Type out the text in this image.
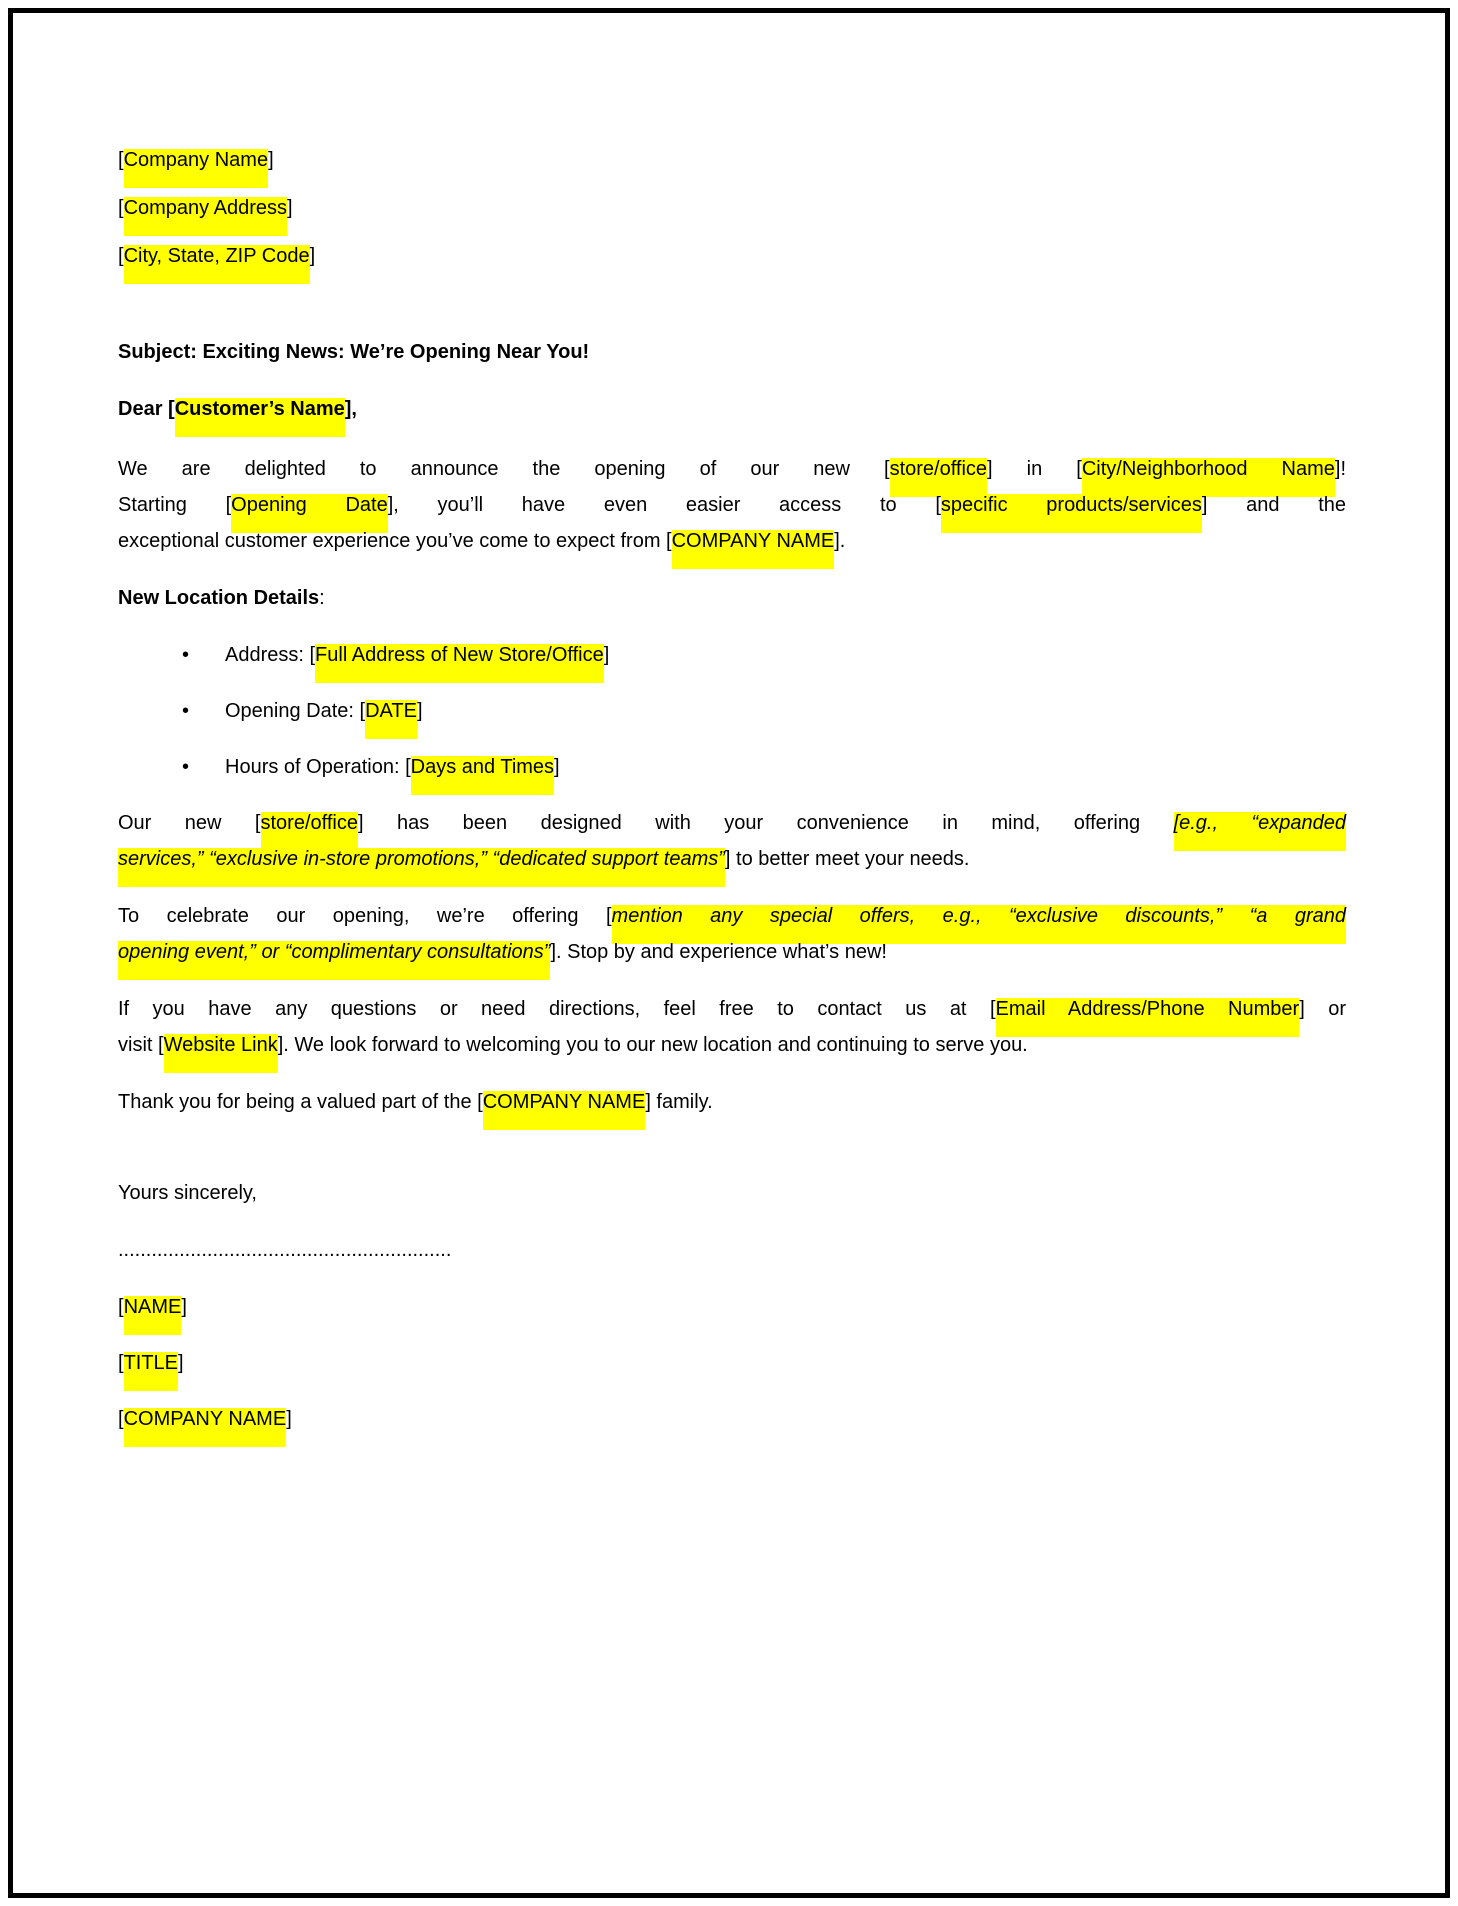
[Company Name]

[Company Address]

[City, State, ZIP Code]

Subject: Exciting News: We’re Opening Near You!

Dear [Customer’s Name],

We are delighted to announce the opening of our new [store/office] in [City/Neighborhood Name]!
Starting [Opening Date], you’ll have even easier access to [specific products/services] and the
exceptional customer experience you’ve come to expect from [COMPANY NAME].

New Location Details:

•	Address: [Full Address of New Store/Office]
•	Opening Date: [DATE]
•	Hours of Operation: [Days and Times]

Our new [store/office] has been designed with your convenience in mind, offering [e.g., “expanded
services,” “exclusive in-store promotions,” “dedicated support teams”] to better meet your needs.

To celebrate our opening, we’re offering [mention any special offers, e.g., “exclusive discounts,” “a grand
opening event,” or “complimentary consultations”]. Stop by and experience what’s new!

If you have any questions or need directions, feel free to contact us at [Email Address/Phone Number] or
visit [Website Link]. We look forward to welcoming you to our new location and continuing to serve you.

Thank you for being a valued part of the [COMPANY NAME] family.

Yours sincerely,

............................................................

[NAME]

[TITLE]

[COMPANY NAME]
